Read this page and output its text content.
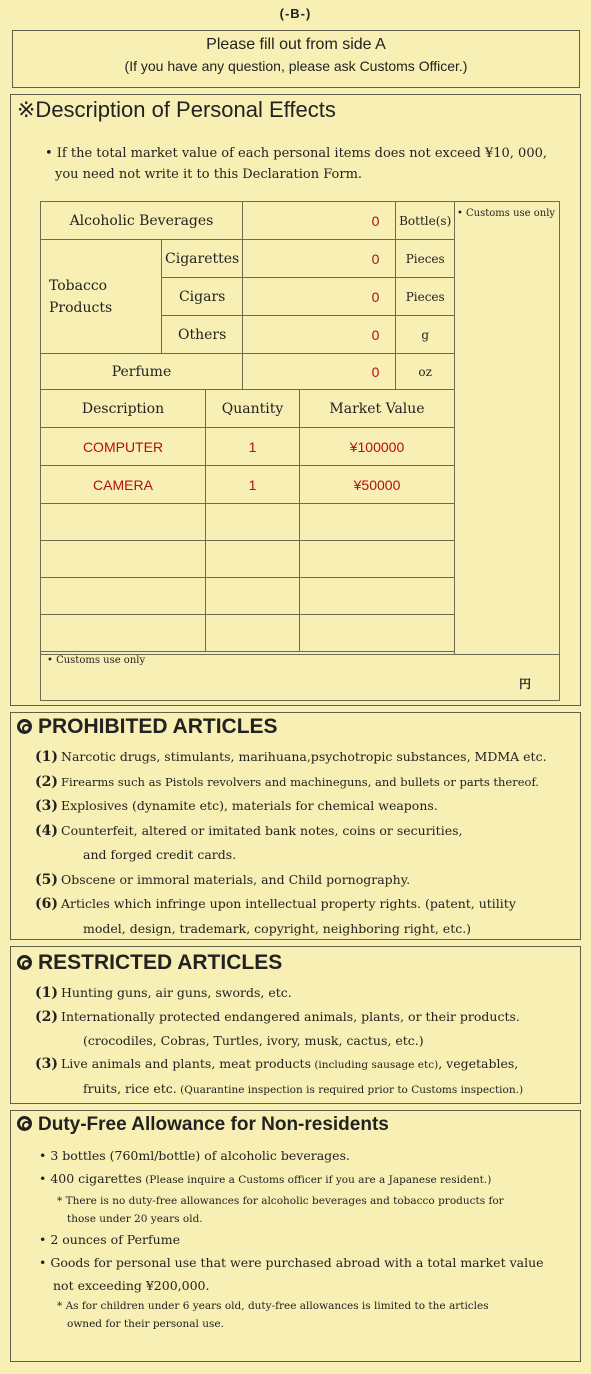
(-B-)
Please fill out from side A
(If you have any question, please ask Customs Officer.)
※Description of Personal Effects
• If the total market value of each personal items does not exceed ¥10, 000,
you need not write it to this Declaration Form.
• Customs use only
Alcoholic Beverages		0	Bottle(s)
Tobacco Products	Cigarettes	0	Pieces
	Cigars	0	Pieces
	Others	0	g
Perfume		0	oz
Description	Quantity	Market Value
COMPUTER	1	¥100000
CAMERA	1	¥50000

• Customs use only
円
PROHIBITED ARTICLES
(1) Narcotic drugs, stimulants, marihuana,psychotropic substances, MDMA etc.
(2) Firearms such as Pistols revolvers and machineguns, and bullets or parts thereof.
(3) Explosives (dynamite etc), materials for chemical weapons.
(4) Counterfeit, altered or imitated bank notes, coins or securities,
and forged credit cards.
(5) Obscene or immoral materials, and Child pornography.
(6) Articles which infringe upon intellectual property rights. (patent, utility
model, design, trademark, copyright, neighboring right, etc.)
RESTRICTED ARTICLES
(1) Hunting guns, air guns, swords, etc.
(2) Internationally protected endangered animals, plants, or their products.
(crocodiles, Cobras, Turtles, ivory, musk, cactus, etc.)
(3) Live animals and plants, meat products (including sausage etc), vegetables,
fruits, rice etc. (Quarantine inspection is required prior to Customs inspection.)
Duty-Free Allowance for Non-residents
• 3 bottles (760ml/bottle) of alcoholic beverages.
• 400 cigarettes (Please inquire a Customs officer if you are a Japanese resident.)
* There is no duty-free allowances for alcoholic beverages and tobacco products for
those under 20 years old.
• 2 ounces of Perfume
• Goods for personal use that were purchased abroad with a total market value
not exceeding ¥200,000.
* As for children under 6 years old, duty-free allowances is limited to the articles
owned for their personal use.
